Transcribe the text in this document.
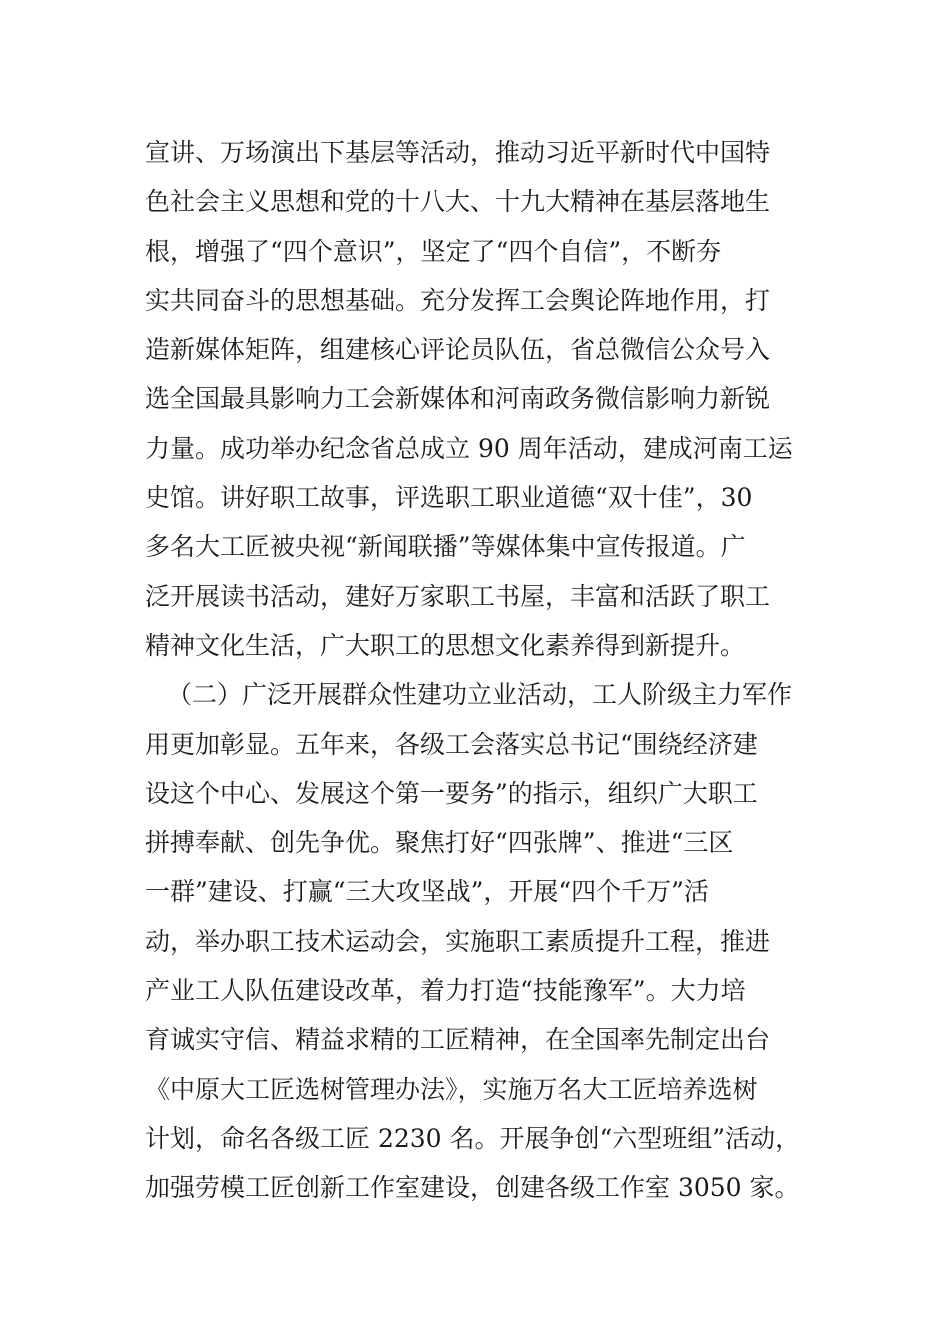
宣讲、万场演出下基层等活动，推动习近平新时代中国特
色社会主义思想和党的十八大、十九大精神在基层落地生
根，增强了“四个意识”，坚定了“四个自信”，不断夯
实共同奋斗的思想基础。充分发挥工会舆论阵地作用，打
造新媒体矩阵，组建核心评论员队伍，省总微信公众号入
选全国最具影响力工会新媒体和河南政务微信影响力新锐
力量。成功举办纪念省总成立 90 周年活动，建成河南工运
史馆。讲好职工故事，评选职工职业道德“双十佳”，30
多名大工匠被央视“新闻联播”等媒体集中宣传报道。广
泛开展读书活动，建好万家职工书屋，丰富和活跃了职工
精神文化生活，广大职工的思想文化素养得到新提升。
（二）广泛开展群众性建功立业活动，工人阶级主力军作
用更加彰显。五年来，各级工会落实总书记“围绕经济建
设这个中心、发展这个第一要务”的指示，组织广大职工
拼搏奉献、创先争优。聚焦打好“四张牌”、推进“三区
一群”建设、打赢“三大攻坚战”，开展“四个千万”活
动，举办职工技术运动会，实施职工素质提升工程，推进
产业工人队伍建设改革，着力打造“技能豫军”。大力培
育诚实守信、精益求精的工匠精神，在全国率先制定出台
《中原大工匠选树管理办法》，实施万名大工匠培养选树
计划，命名各级工匠 2230 名。开展争创“六型班组”活动，
加强劳模工匠创新工作室建设，创建各级工作室 3050 家。
